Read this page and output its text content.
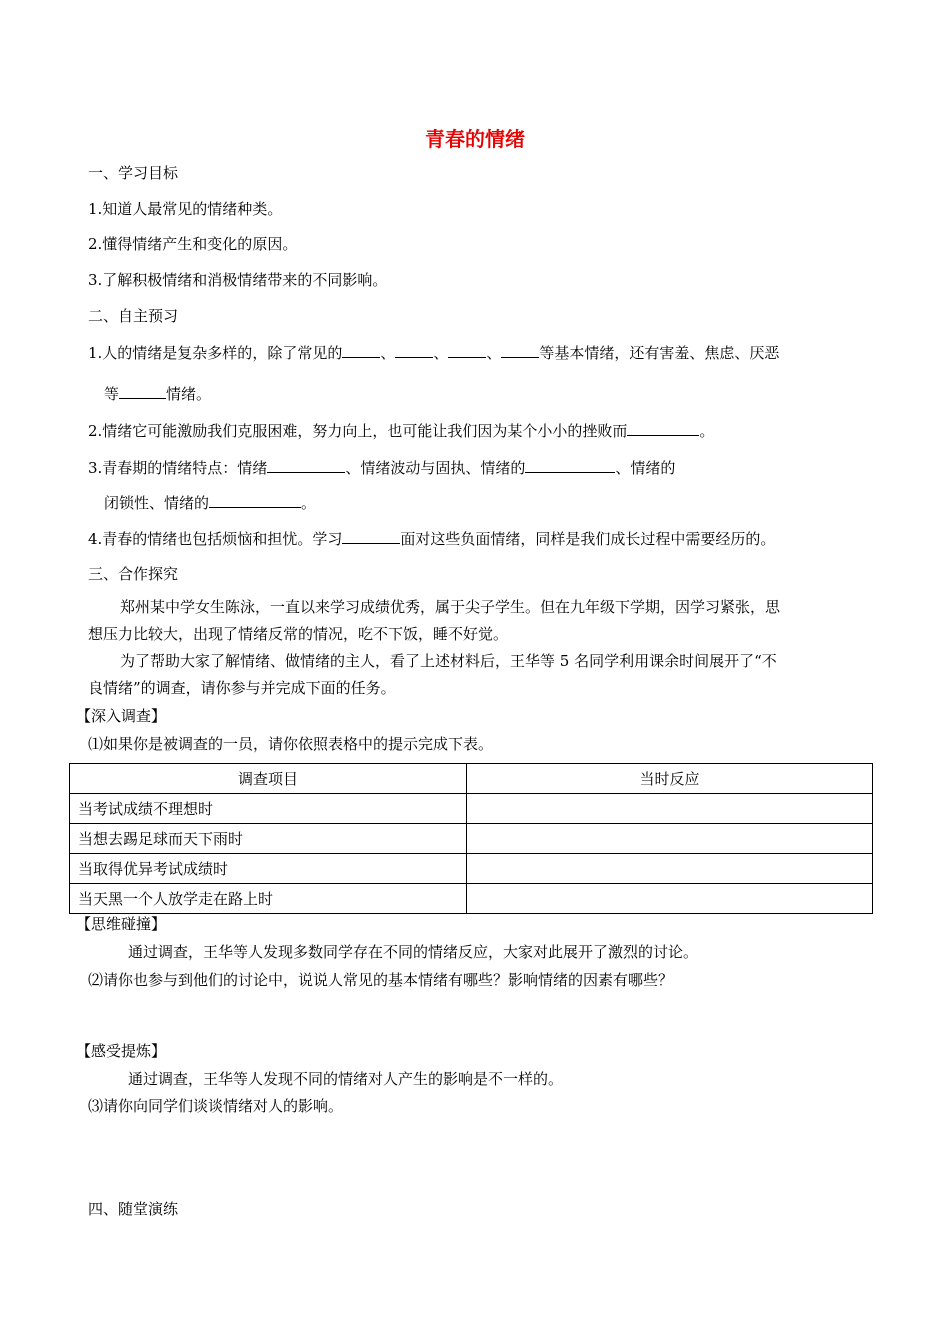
青春的情绪
一、学习目标
1.知道人最常见的情绪种类。
2.懂得情绪产生和变化的原因。
3.了解积极情绪和消极情绪带来的不同影响。
二、自主预习
1.人的情绪是复杂多样的，除了常见的	、	、	、	等基本情绪，还有害羞、焦虑、厌恶
等	情绪。
2.情绪它可能激励我们克服困难，努力向上，也可能让我们因为某个小小的挫败而	。
3.青春期的情绪特点：情绪	、情绪波动与固执、情绪的	、情绪的
闭锁性、情绪的	。
4.青春的情绪也包括烦恼和担忧。学习	面对这些负面情绪，同样是我们成长过程中需要经历的。
三、合作探究
郑州某中学女生陈泳，一直以来学习成绩优秀，属于尖子学生。但在九年级下学期，因学习紧张，思
想压力比较大，出现了情绪反常的情况，吃不下饭，睡不好觉。
为了帮助大家了解情绪、做情绪的主人，看了上述材料后，王华等 5 名同学利用课余时间展开了“不
良情绪”的调查，请你参与并完成下面的任务。
【深入调查】
⑴如果你是被调查的一员，请你依照表格中的提示完成下表。
调查项目	当时反应
当考试成绩不理想时	
当想去踢足球而天下雨时	
当取得优异考试成绩时	
当天黑一个人放学走在路上时	
【思维碰撞】
通过调查，王华等人发现多数同学存在不同的情绪反应，大家对此展开了激烈的讨论。
⑵请你也参与到他们的讨论中，说说人常见的基本情绪有哪些？影响情绪的因素有哪些？
【感受提炼】
通过调查，王华等人发现不同的情绪对人产生的影响是不一样的。
⑶请你向同学们谈谈情绪对人的影响。
四、随堂演练
